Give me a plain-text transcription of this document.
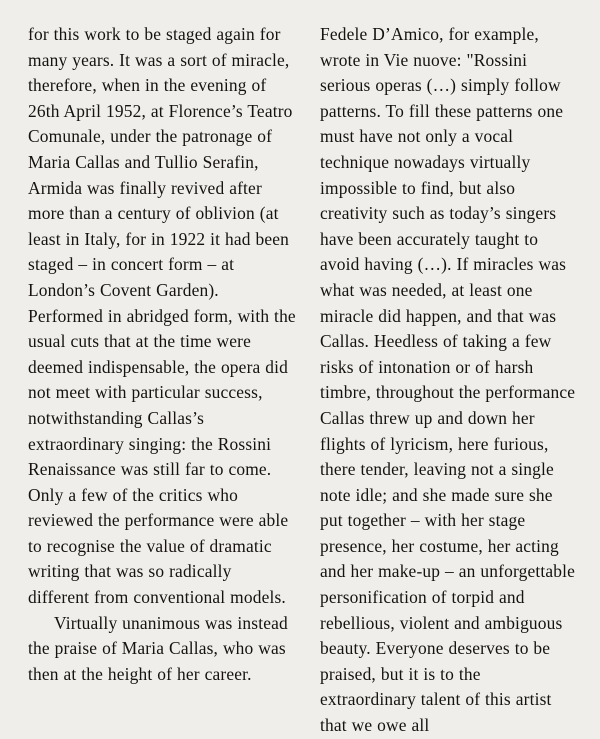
for this work to be staged again for many years. It was a sort of miracle, therefore, when in the evening of 26th April 1952, at Florence’s Teatro Comunale, under the patronage of Maria Callas and Tullio Serafin, Armida was finally revived after more than a century of oblivion (at least in Italy, for in 1922 it had been staged – in concert form – at London’s Covent Garden). Performed in abridged form, with the usual cuts that at the time were deemed indispensable, the opera did not meet with particular success, notwithstanding Callas’s extraordinary singing: the Rossini Renaissance was still far to come. Only a few of the critics who reviewed the performance were able to recognise the value of dramatic writing that was so radically different from conventional models.

Virtually unanimous was instead the praise of Maria Callas, who was then at the height of her career.

Fedele D’Amico, for example, wrote in Vie nuove: "Rossini serious operas (…) simply follow patterns. To fill these patterns one must have not only a vocal technique nowadays virtually impossible to find, but also creativity such as today’s singers have been accurately taught to avoid having (…). If miracles was what was needed, at least one miracle did happen, and that was Callas. Heedless of taking a few risks of intonation or of harsh timbre, throughout the performance Callas threw up and down her flights of lyricism, here furious, there tender, leaving not a single note idle; and she made sure she put together – with her stage presence, her costume, her acting and her make-up – an unforgettable personification of torpid and rebellious, violent and ambiguous beauty. Everyone deserves to be praised, but it is to the extraordinary talent of this artist that we owe all
